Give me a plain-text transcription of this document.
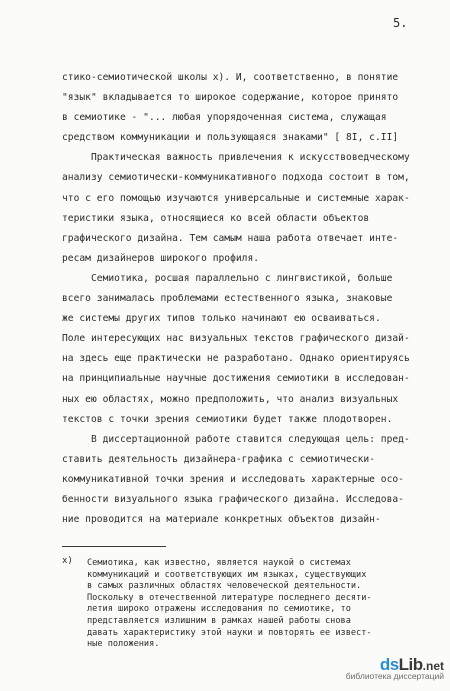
5.
стико-семиотической школы x). И, соответственно, в понятие
"язык" вкладывается то широкое содержание, которое принято
в семиотике - "... любая упорядоченная система, служащая
средством коммуникации и пользующаяся знаками" [ 8I, с.II]
Практическая важность привлечения к искусствоведческому
анализу семиотически-коммуникативного подхода состоит в том,
что с его помощью изучаются универсальные и системные харак-
теристики языка, относящиеся ко всей области объектов
графического дизайна. Тем самым наша работа отвечает инте-
ресам дизайнеров широкого профиля.
Семиотика, росшая параллельно с лингвистикой, больше
всего занималась проблемами естественного языка, знаковые
же системы других типов только начинают ею осваиваться.
Поле интересующих нас визуальных текстов графического дизай-
на здесь еще практически не разработано. Однако ориентируясь
на принципиальные научные достижения семиотики в исследован-
ных ею областях, можно предположить, что анализ визуальных
текстов с точки зрения семиотики будет также плодотворен.
В диссертационной работе ставится следующая цель: пред-
ставить деятельность дизайнера-графика с семиотически-
коммуникативной точки зрения и исследовать характерные осо-
бенности визуального языка графического дизайна. Исследова-
ние проводится на материале конкретных объектов дизайн-
x) Семиотика, как известно, является наукой о системах
коммуникаций и соответствующих им языках, существующих
в самых различных областях человеческой деятельности.
Поскольку в отечественной литературе последнего десяти-
летия широко отражены исследования по семиотике, то
представляется излишним в рамках нашей работы снова
давать характеристику этой науки и повторять ее извест-
ные положения.
ds Lib .net
библиотека диссертаций
